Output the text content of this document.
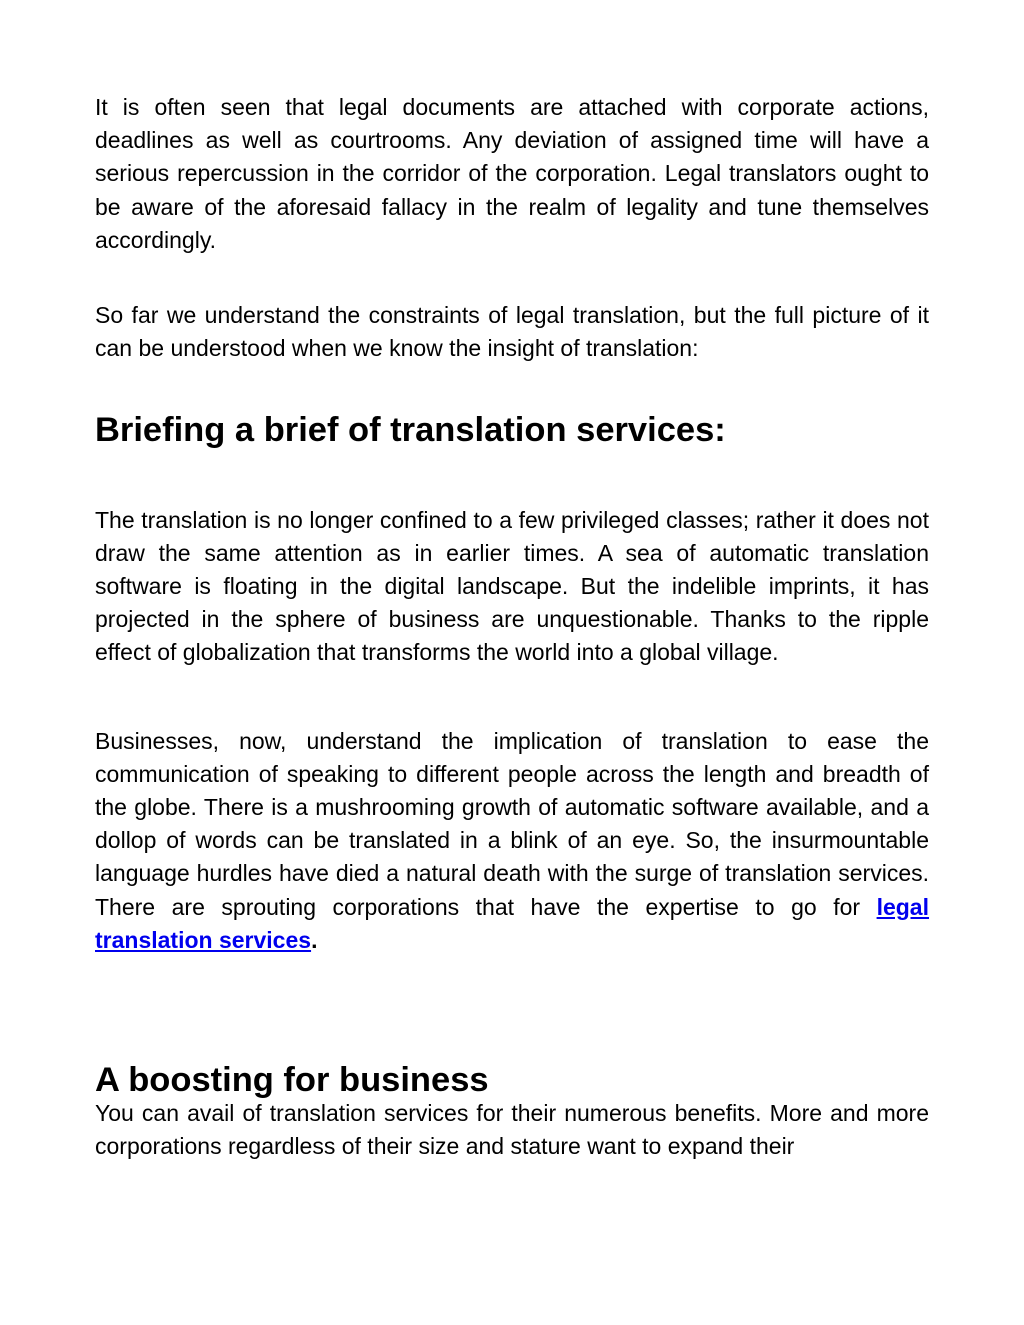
It is often seen that legal documents are attached with corporate actions, deadlines as well as courtrooms. Any deviation of assigned time will have a serious repercussion in the corridor of the corporation. Legal translators ought to be aware of the aforesaid fallacy in the realm of legality and tune themselves accordingly.

So far we understand the constraints of legal translation, but the full picture of it can be understood when we know the insight of translation:

Briefing a brief of translation services:

The translation is no longer confined to a few privileged classes; rather it does not draw the same attention as in earlier times. A sea of automatic translation software is floating in the digital landscape. But the indelible imprints, it has projected in the sphere of business are unquestionable. Thanks to the ripple effect of globalization that transforms the world into a global village.

Businesses, now, understand the implication of translation to ease the communication of speaking to different people across the length and breadth of the globe. There is a mushrooming growth of automatic software available, and a dollop of words can be translated in a blink of an eye. So, the insurmountable language hurdles have died a natural death with the surge of translation services. There are sprouting corporations that have the expertise to go for legal translation services.

A boosting for business

You can avail of translation services for their numerous benefits. More and more corporations regardless of their size and stature want to expand their
